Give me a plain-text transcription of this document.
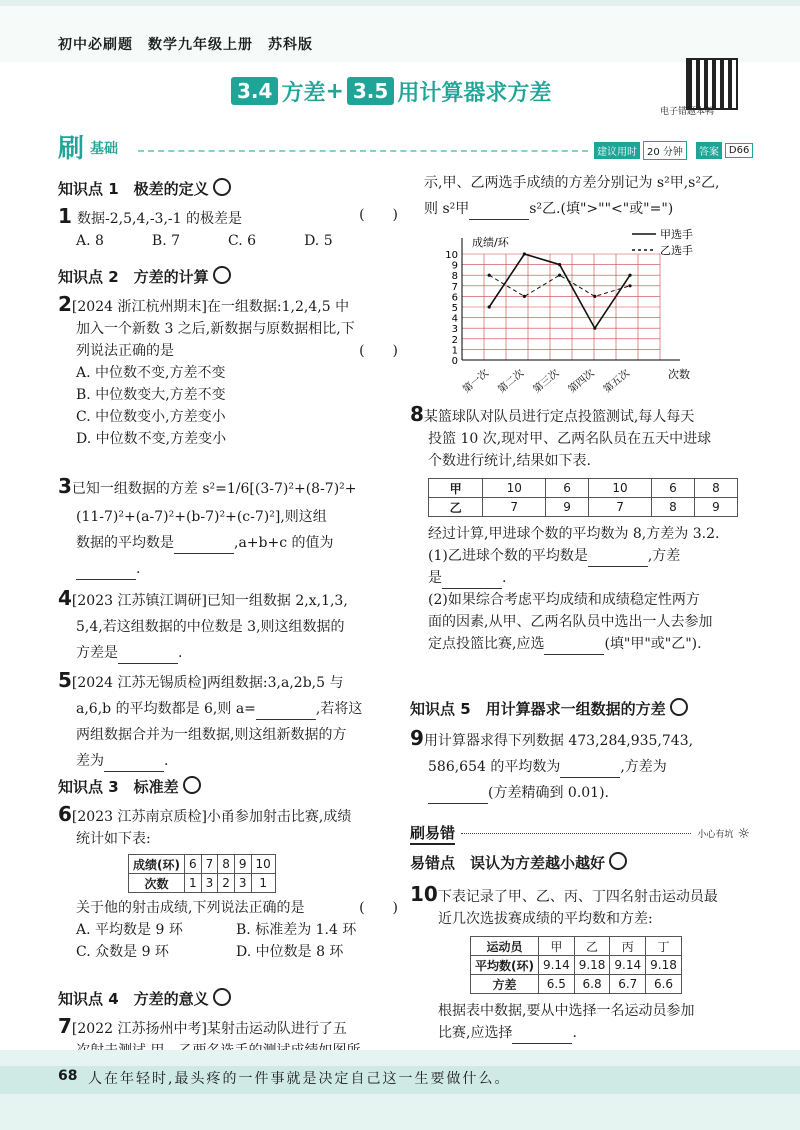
初中必刷题　数学九年级上册　苏科版
3.4 方差 + 3.5 用计算器求方差
电子错题本鸭
刷 基础	建议用时	20 分钟	答案	D66
知识点 1　极差的定义
1 数据-2,5,4,-3,-1 的极差是	(　　)
A. 8	B. 7	C. 6	D. 5
知识点 2　方差的计算
2[2024 浙江杭州期末]在一组数据:1,2,4,5 中
加入一个新数 3 之后,新数据与原数据相比,下
列说法正确的是	(　　)
A. 中位数不变,方差不变
B. 中位数变大,方差不变
C. 中位数变小,方差变小
D. 中位数不变,方差变小
3已知一组数据的方差 s²=1/6[(3-7)²+(8-7)²+
(11-7)²+(a-7)²+(b-7)²+(c-7)²],则这组
数据的平均数是	,a+b+c 的值为
.
4[2023 江苏镇江调研]已知一组数据 2,x,1,3,
5,4,若这组数据的中位数是 3,则这组数据的
方差是	.
5[2024 江苏无锡质检]两组数据:3,a,2b,5 与
a,6,b 的平均数都是 6,则 a=	,若将这
两组数据合并为一组数据,则这组新数据的方
差为	.
知识点 3　标准差
6[2023 江苏南京质检]小甬参加射击比赛,成绩
统计如下表:
成绩(环)	6	7	8	9	10
次数	1	3	2	3	1
关于他的射击成绩,下列说法正确的是	(　　)
A. 平均数是 9 环	B. 标准差为 1.4 环
C. 众数是 9 环	D. 中位数是 8 环
知识点 4　方差的意义
7[2022 江苏扬州中考]某射击运动队进行了五
示,甲、乙两选手成绩的方差分别记为 s²甲,s²乙,
则 s²甲	s²乙.(填">""<"或"=")
0
1
2
3
4
5
6
7
8
9
10
成绩/环
次数
第一次 第二次 第三次 第四次 第五次
甲选手
乙选手
8某篮球队对队员进行定点投篮测试,每人每天
投篮 10 次,现对甲、乙两名队员在五天中进球
个数进行统计,结果如下表.
甲	10	6	10	6	8
乙	7	9	7	8	9
经过计算,甲进球个数的平均数为 8,方差为 3.2.
(1)乙进球个数的平均数是	,方差
是	.
(2)如果综合考虑平均成绩和成绩稳定性两方
面的因素,从甲、乙两名队员中选出一人去参加
定点投篮比赛,应选	(填"甲"或"乙").
知识点 5　用计算器求一组数据的方差
9用计算器求得下列数据 473,284,935,743,
586,654 的平均数为	,方差为
(方差精确到 0.01).
刷易错	小心有坑 ☼
易错点　误认为方差越小越好
10下表记录了甲、乙、丙、丁四名射击运动员最
近几次选拔赛成绩的平均数和方差:
运动员	甲	乙	丙	丁
平均数(环)	9.14	9.18	9.14	9.18
方差	6.5	6.8	6.7	6.6
根据表中数据,要从中选择一名运动员参加
比赛,应选择	.
68 人在年轻时,最头疼的一件事就是决定自己这一生要做什么。
